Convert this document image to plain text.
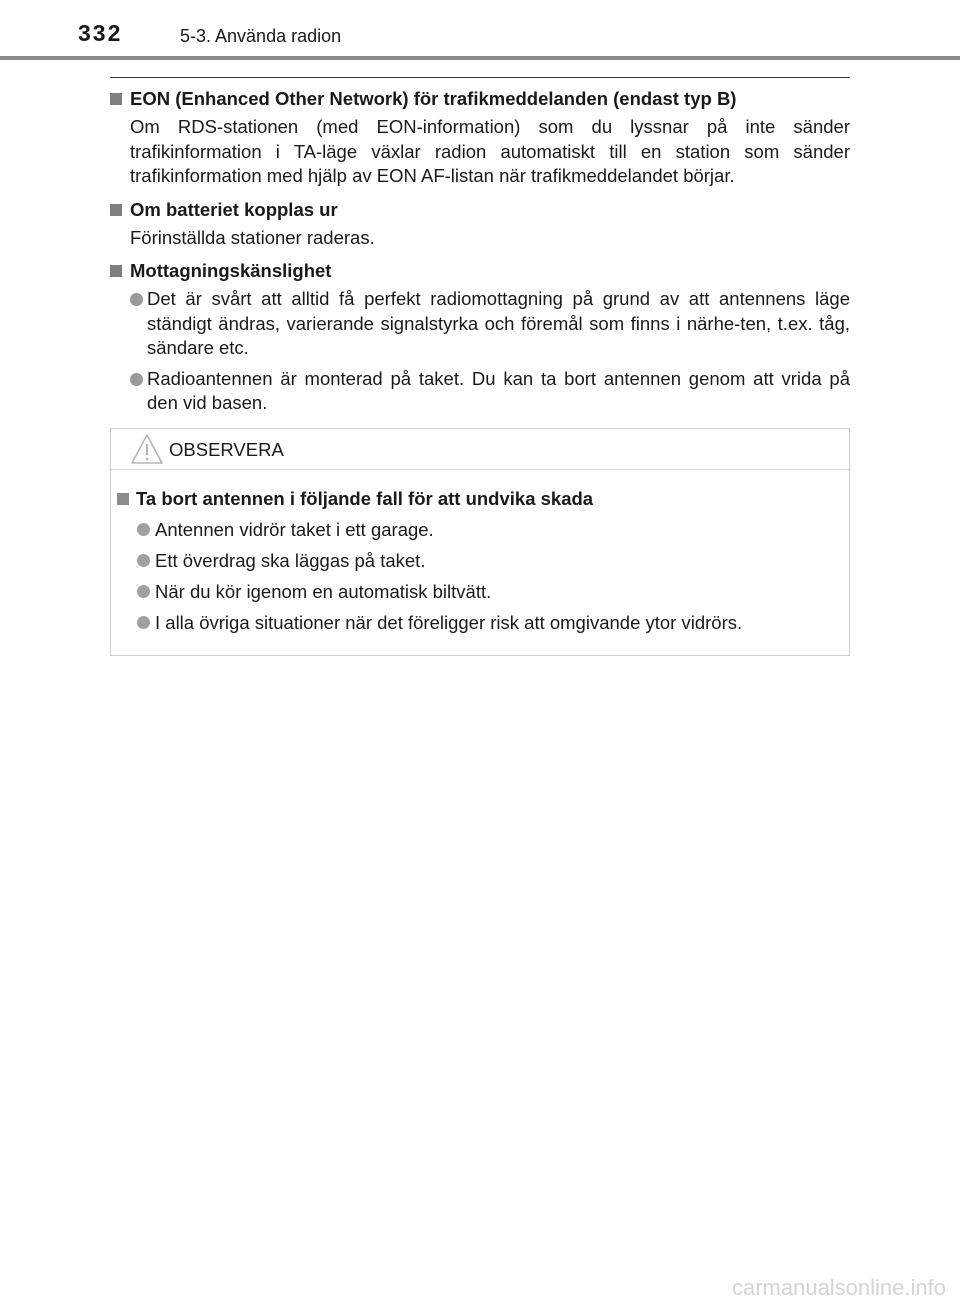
332	5-3. Använda radion
EON (Enhanced Other Network) för trafikmeddelanden (endast typ B)
Om RDS-stationen (med EON-information) som du lyssnar på inte sänder trafikinformation i TA-läge växlar radion automatiskt till en station som sänder trafikinformation med hjälp av EON AF-listan när trafikmeddelandet börjar.
Om batteriet kopplas ur
Förinställda stationer raderas.
Mottagningskänslighet
Det är svårt att alltid få perfekt radiomottagning på grund av att antennens läge ständigt ändras, varierande signalstyrka och föremål som finns i närhe-ten, t.ex. tåg, sändare etc.
Radioantennen är monterad på taket. Du kan ta bort antennen genom att vrida på den vid basen.
OBSERVERA
Ta bort antennen i följande fall för att undvika skada
Antennen vidrör taket i ett garage.
Ett överdrag ska läggas på taket.
När du kör igenom en automatisk biltvätt.
I alla övriga situationer när det föreligger risk att omgivande ytor vidrörs.
carmanualsonline.info
